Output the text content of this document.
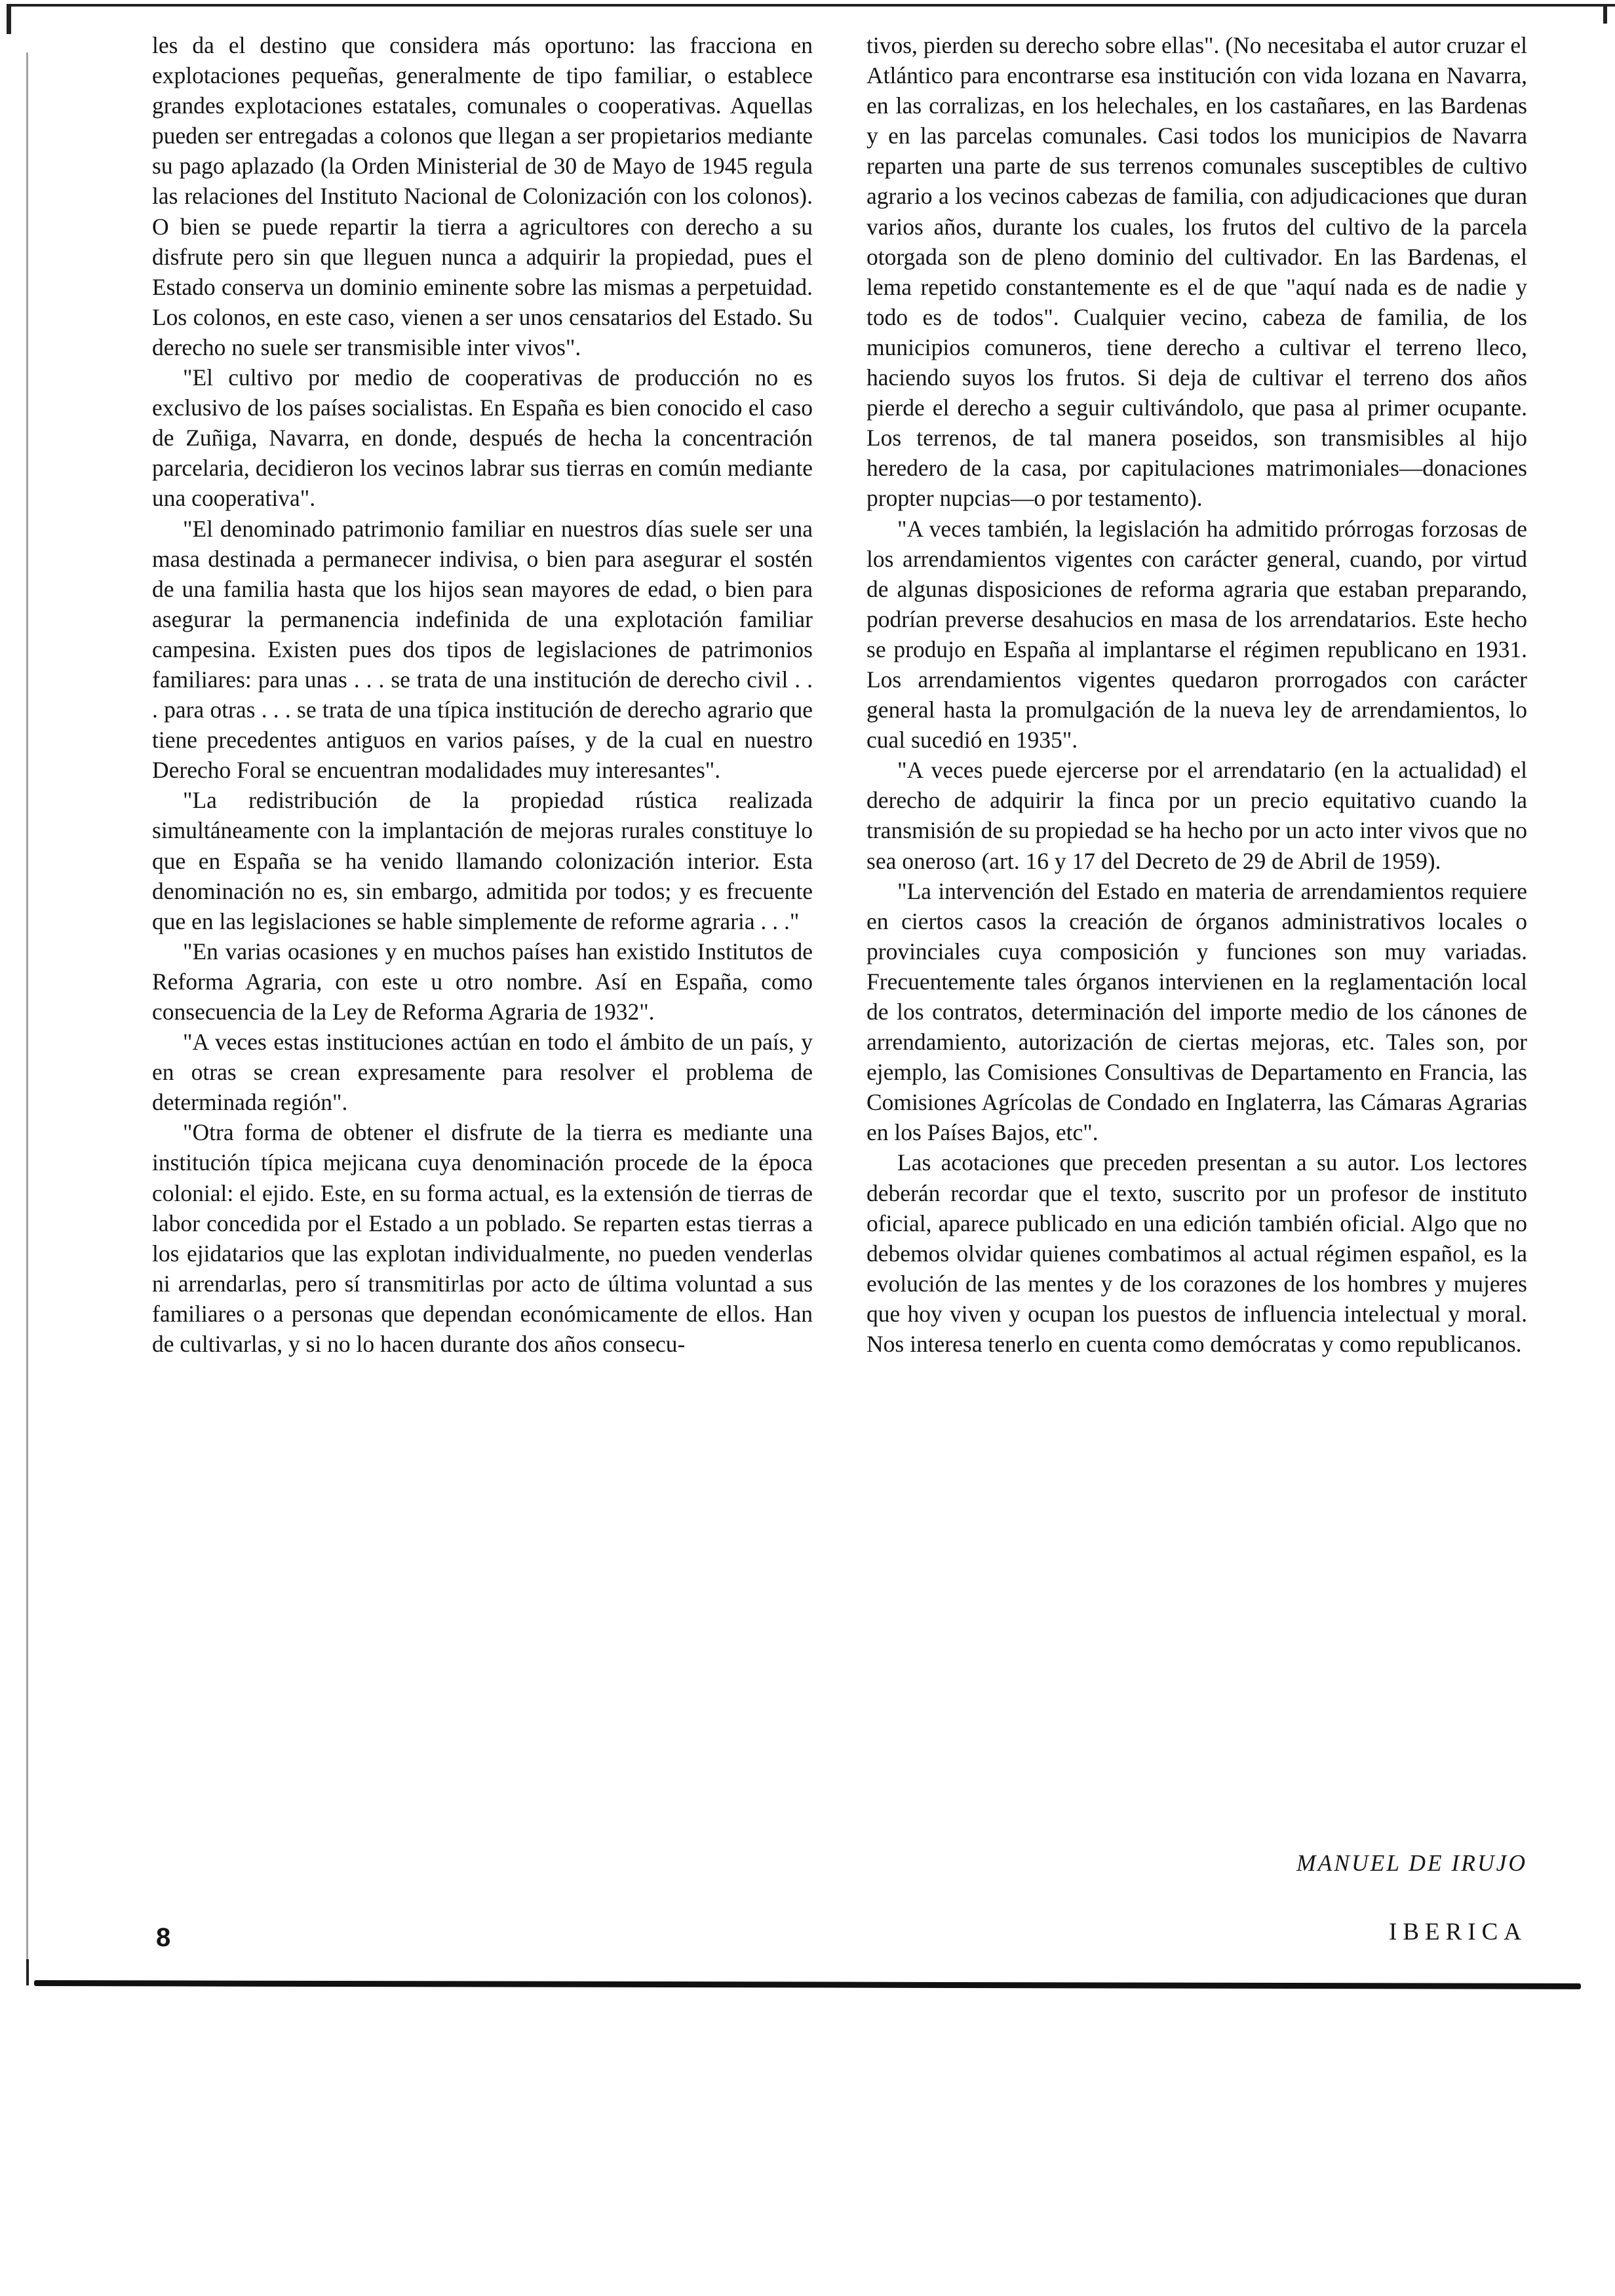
les da el destino que considera más oportuno: las fracciona en explotaciones pequeñas, generalmente de tipo familiar, o establece grandes explotaciones estatales, comunales o cooperativas. Aquellas pueden ser entregadas a colonos que llegan a ser propietarios mediante su pago aplazado (la Orden Ministerial de 30 de Mayo de 1945 regula las relaciones del Instituto Nacional de Colonización con los colonos). O bien se puede repartir la tierra a agricultores con derecho a su disfrute pero sin que lleguen nunca a adquirir la propiedad, pues el Estado conserva un dominio eminente sobre las mismas a perpetuidad. Los colonos, en este caso, vienen a ser unos censatarios del Estado. Su derecho no suele ser transmisible inter vivos".

"El cultivo por medio de cooperativas de producción no es exclusivo de los países socialistas. En España es bien conocido el caso de Zuñiga, Navarra, en donde, después de hecha la concentración parcelaria, decidieron los vecinos labrar sus tierras en común mediante una cooperativa".

"El denominado patrimonio familiar en nuestros días suele ser una masa destinada a permanecer indivisa, o bien para asegurar el sostén de una familia hasta que los hijos sean mayores de edad, o bien para asegurar la permanencia indefinida de una explotación familiar campesina. Existen pues dos tipos de legislaciones de patrimonios familiares: para unas . . . se trata de una institución de derecho civil . . . para otras . . . se trata de una típica institución de derecho agrario que tiene precedentes antiguos en varios países, y de la cual en nuestro Derecho Foral se encuentran modalidades muy interesantes".

"La redistribución de la propiedad rústica realizada simultáneamente con la implantación de mejoras rurales constituye lo que en España se ha venido llamando colonización interior. Esta denominación no es, sin embargo, admitida por todos; y es frecuente que en las legislaciones se hable simplemente de reforme agraria . . ."

"En varias ocasiones y en muchos países han existido Institutos de Reforma Agraria, con este u otro nombre. Así en España, como consecuencia de la Ley de Reforma Agraria de 1932".

"A veces estas instituciones actúan en todo el ámbito de un país, y en otras se crean expresamente para resolver el problema de determinada región".

"Otra forma de obtener el disfrute de la tierra es mediante una institución típica mejicana cuya denominación procede de la época colonial: el ejido. Este, en su forma actual, es la extensión de tierras de labor concedida por el Estado a un poblado. Se reparten estas tierras a los ejidatarios que las explotan individualmente, no pueden venderlas ni arrendarlas, pero sí transmitirlas por acto de última voluntad a sus familiares o a personas que dependan económicamente de ellos. Han de cultivarlas, y si no lo hacen durante dos años consecu-

tivos, pierden su derecho sobre ellas". (No necesitaba el autor cruzar el Atlántico para encontrarse esa institución con vida lozana en Navarra, en las corralizas, en los helechales, en los castañares, en las Bardenas y en las parcelas comunales. Casi todos los municipios de Navarra reparten una parte de sus terrenos comunales susceptibles de cultivo agrario a los vecinos cabezas de familia, con adjudicaciones que duran varios años, durante los cuales, los frutos del cultivo de la parcela otorgada son de pleno dominio del cultivador. En las Bardenas, el lema repetido constantemente es el de que "aquí nada es de nadie y todo es de todos". Cualquier vecino, cabeza de familia, de los municipios comuneros, tiene derecho a cultivar el terreno lleco, haciendo suyos los frutos. Si deja de cultivar el terreno dos años pierde el derecho a seguir cultivándolo, que pasa al primer ocupante. Los terrenos, de tal manera poseidos, son transmisibles al hijo heredero de la casa, por capitulaciones matrimoniales—donaciones propter nupcias—o por testamento).

"A veces también, la legislación ha admitido prórrogas forzosas de los arrendamientos vigentes con carácter general, cuando, por virtud de algunas disposiciones de reforma agraria que estaban preparando, podrían preverse desahucios en masa de los arrendatarios. Este hecho se produjo en España al implantarse el régimen republicano en 1931. Los arrendamientos vigentes quedaron prorrogados con carácter general hasta la promulgación de la nueva ley de arrendamientos, lo cual sucedió en 1935".

"A veces puede ejercerse por el arrendatario (en la actualidad) el derecho de adquirir la finca por un precio equitativo cuando la transmisión de su propiedad se ha hecho por un acto inter vivos que no sea oneroso (art. 16 y 17 del Decreto de 29 de Abril de 1959).

"La intervención del Estado en materia de arrendamientos requiere en ciertos casos la creación de órganos administrativos locales o provinciales cuya composición y funciones son muy variadas. Frecuentemente tales órganos intervienen en la reglamentación local de los contratos, determinación del importe medio de los cánones de arrendamiento, autorización de ciertas mejoras, etc. Tales son, por ejemplo, las Comisiones Consultivas de Departamento en Francia, las Comisiones Agrícolas de Condado en Inglaterra, las Cámaras Agrarias en los Países Bajos, etc".

Las acotaciones que preceden presentan a su autor. Los lectores deberán recordar que el texto, suscrito por un profesor de instituto oficial, aparece publicado en una edición también oficial. Algo que no debemos olvidar quienes combatimos al actual régimen español, es la evolución de las mentes y de los corazones de los hombres y mujeres que hoy viven y ocupan los puestos de influencia intelectual y moral. Nos interesa tenerlo en cuenta como demócratas y como republicanos.

MANUEL DE IRUJO
8	IBERICA
